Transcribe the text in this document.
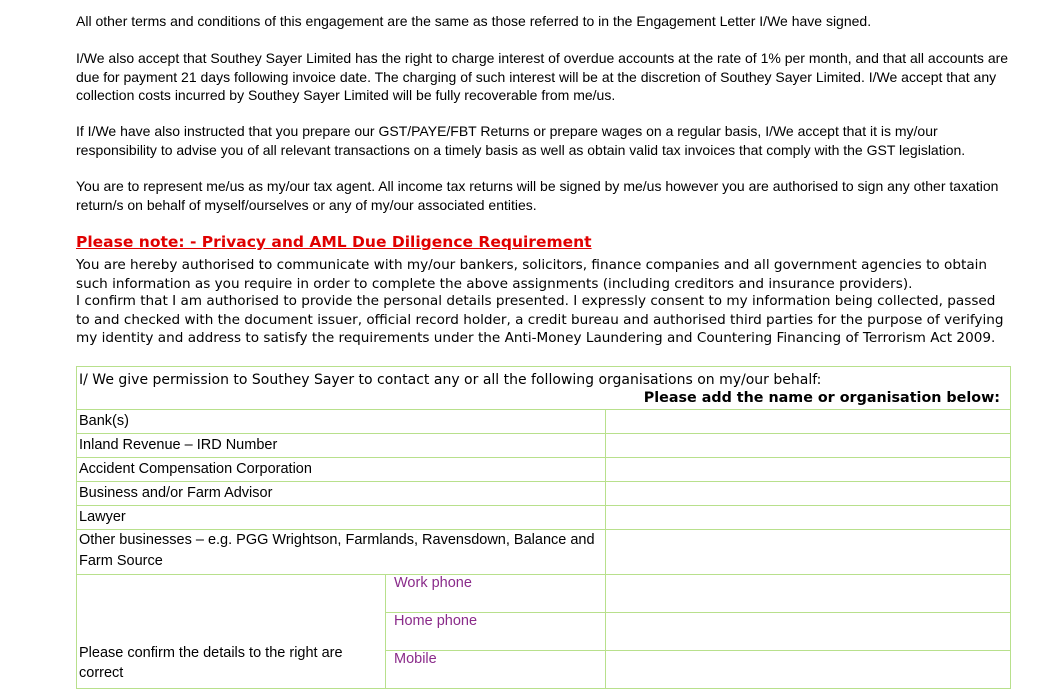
All other terms and conditions of this engagement are the same as those referred to in the Engagement Letter I/We have signed.

I/We also accept that Southey Sayer Limited has the right to charge interest of overdue accounts at the rate of 1% per month, and that all accounts are due for payment 21 days following invoice date. The charging of such interest will be at the discretion of Southey Sayer Limited. I/We accept that any collection costs incurred by Southey Sayer Limited will be fully recoverable from me/us.

If I/We have also instructed that you prepare our GST/PAYE/FBT Returns or prepare wages on a regular basis, I/We accept that it is my/our responsibility to advise you of all relevant transactions on a timely basis as well as obtain valid tax invoices that comply with the GST legislation.

You are to represent me/us as my/our tax agent. All income tax returns will be signed by me/us however you are authorised to sign any other taxation return/s on behalf of myself/ourselves or any of my/our associated entities.

Please note: - Privacy and AML Due Diligence Requirement

You are hereby authorised to communicate with my/our bankers, solicitors, finance companies and all government agencies to obtain such information as you require in order to complete the above assignments (including creditors and insurance providers).

I confirm that I am authorised to provide the personal details presented. I expressly consent to my information being collected, passed to and checked with the document issuer, official record holder, a credit bureau and authorised third parties for the purpose of verifying my identity and address to satisfy the requirements under the Anti-Money Laundering and Countering Financing of Terrorism Act 2009.

I/ We give permission to Southey Sayer to contact any or all the following organisations on my/our behalf:
Please add the name or organisation below:		

Bank(s)		
Inland Revenue – IRD Number		
Accident Compensation Corporation		
Business and/or Farm Advisor		
Lawyer		
Other businesses – e.g. PGG Wrightson, Farmlands, Ravensdown, Balance and Farm Source		
Please confirm the details to the right are correct	Work phone	
	Home phone	
	Mobile	
